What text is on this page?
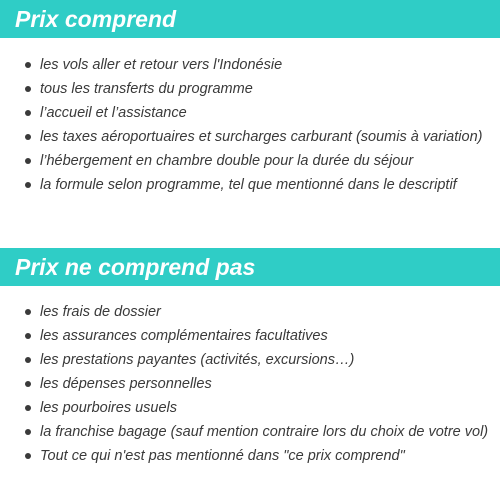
Prix comprend
les vols aller et retour vers l'Indonésie
tous les transferts du programme
l’accueil et l’assistance
les taxes aéroportuaires et surcharges carburant (soumis à variation)
l’hébergement en chambre double pour la durée du séjour
la formule selon programme, tel que mentionné dans le descriptif
Prix ne comprend pas
les frais de dossier
les assurances complémentaires facultatives
les prestations payantes (activités, excursions…)
les dépenses personnelles
les pourboires usuels
la franchise bagage (sauf mention contraire lors du choix de votre vol)
Tout ce qui n'est pas mentionné dans "ce prix comprend"
